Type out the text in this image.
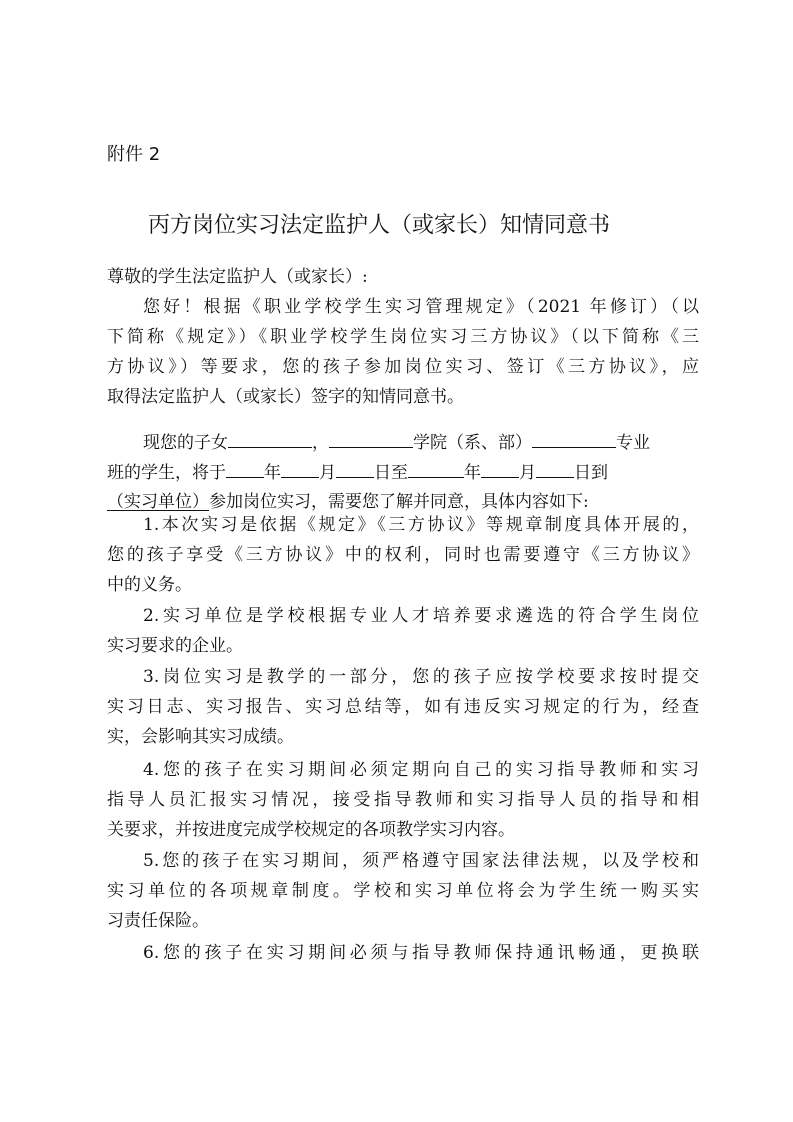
附件 2
丙方岗位实习法定监护人（或家长）知情同意书
尊敬的学生法定监护人（或家长）:
您好！根据《职业学校学生实习管理规定》（2021 年修订）（以
下简称《规定》）《职业学校学生岗位实习三方协议》（以下简称《三
方协议》）等要求，您的孩子参加岗位实习、签订《三方协议》，应
取得法定监护人（或家长）签字的知情同意书。
现您的子女	，	学院（系、部）	专业
班的学生，将于 年 月 日至	年 月 日到
（实习单位）参加岗位实习，需要您了解并同意，具体内容如下:
1.本次实习是依据《规定》《三方协议》等规章制度具体开展的，
您的孩子享受《三方协议》中的权利，同时也需要遵守《三方协议》
中的义务。
2.实习单位是学校根据专业人才培养要求遴选的符合学生岗位
实习要求的企业。
3.岗位实习是教学的一部分，您的孩子应按学校要求按时提交
实习日志、实习报告、实习总结等，如有违反实习规定的行为，经查
实，会影响其实习成绩。
4.您的孩子在实习期间必须定期向自己的实习指导教师和实习
指导人员汇报实习情况，接受指导教师和实习指导人员的指导和相
关要求，并按进度完成学校规定的各项教学实习内容。
5.您的孩子在实习期间，须严格遵守国家法律法规，以及学校和
实习单位的各项规章制度。学校和实习单位将会为学生统一购买实
习责任保险。
6.您的孩子在实习期间必须与指导教师保持通讯畅通，更换联
